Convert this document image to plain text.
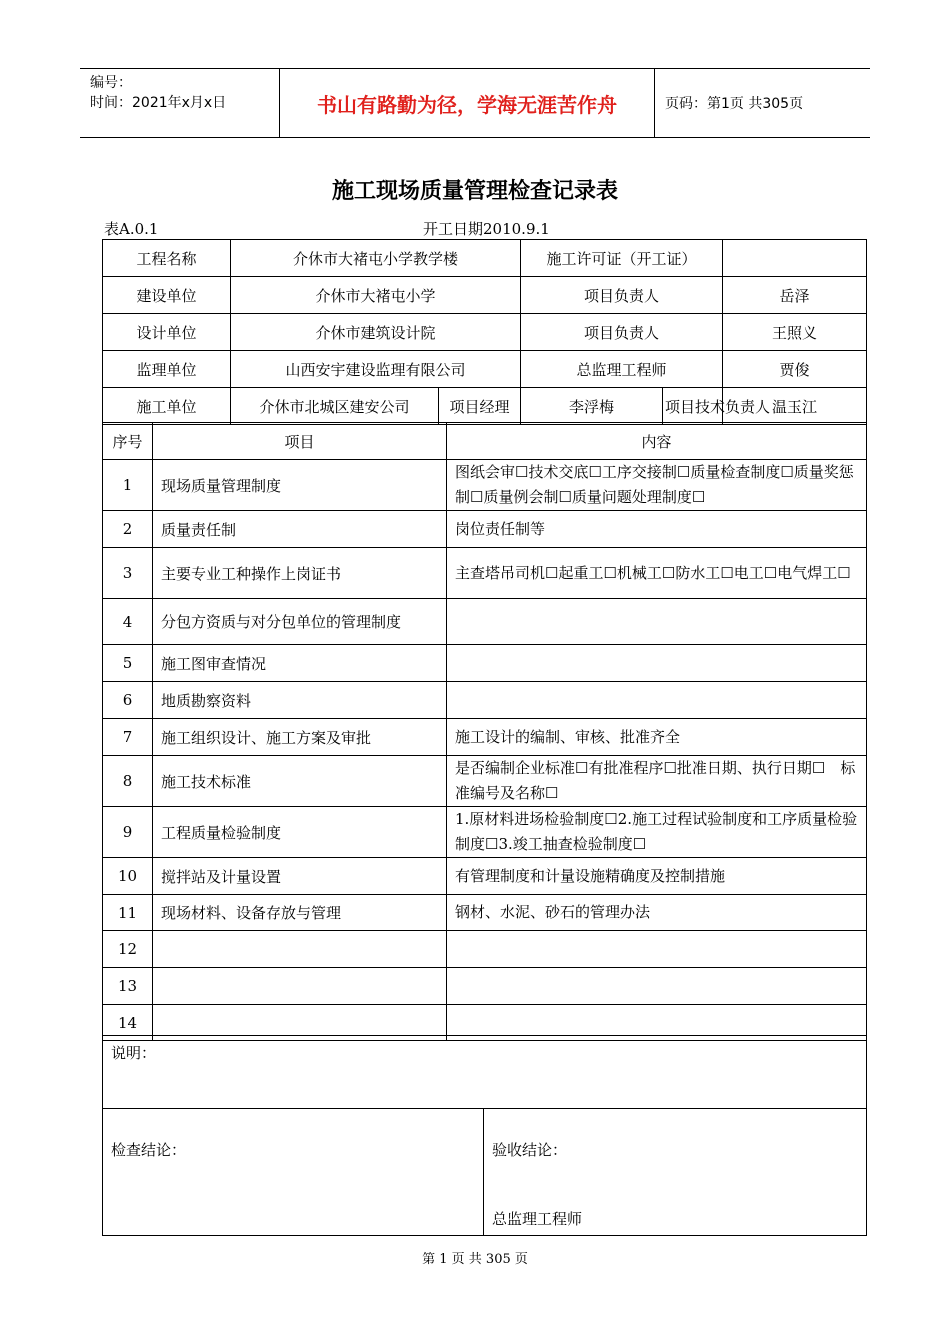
编号：
时间：2021年x月x日	书山有路勤为径，学海无涯苦作舟	页码：第1页 共305页
施工现场质量管理检查记录表
表A.0.1	开工日期2010.9.1
工程名称	介休市大褚屯小学教学楼		施工许可证（开工证）		
建设单位	介休市大褚屯小学		项目负责人		岳泽
设计单位	介休市建筑设计院		项目负责人		王照义
监理单位	山西安宇建设监理有限公司		总监理工程师		贾俊
施工单位	介休市北城区建安公司	项目经理	李浮梅	项目技术负责人	温玉江
序号	项目	内容
1	现场质量管理制度	图纸会审☐技术交底☐工序交接制☐质量检查制度☐质量奖惩制☐质量例会制☐质量问题处理制度☐
2	质量责任制	岗位责任制等
3	主要专业工种操作上岗证书	主查塔吊司机☐起重工☐机械工☐防水工☐电工☐电气焊工☐
4	分包方资质与对分包单位的管理制度	
5	施工图审查情况	
6	地质勘察资料	
7	施工组织设计、施工方案及审批	施工设计的编制、审核、批准齐全
8	施工技术标准	是否编制企业标准☐有批准程序☐批准日期、执行日期☐　标准编号及名称☐
9	工程质量检验制度	1.原材料进场检验制度☐2.施工过程试验制度和工序质量检验制度☐3.竣工抽查检验制度☐
10	搅拌站及计量设置	有管理制度和计量设施精确度及控制措施
11	现场材料、设备存放与管理	钢材、水泥、砂石的管理办法
12		
13		
14		
说明：
检查结论：	验收结论：
总监理工程师
第 1 页 共 305 页
